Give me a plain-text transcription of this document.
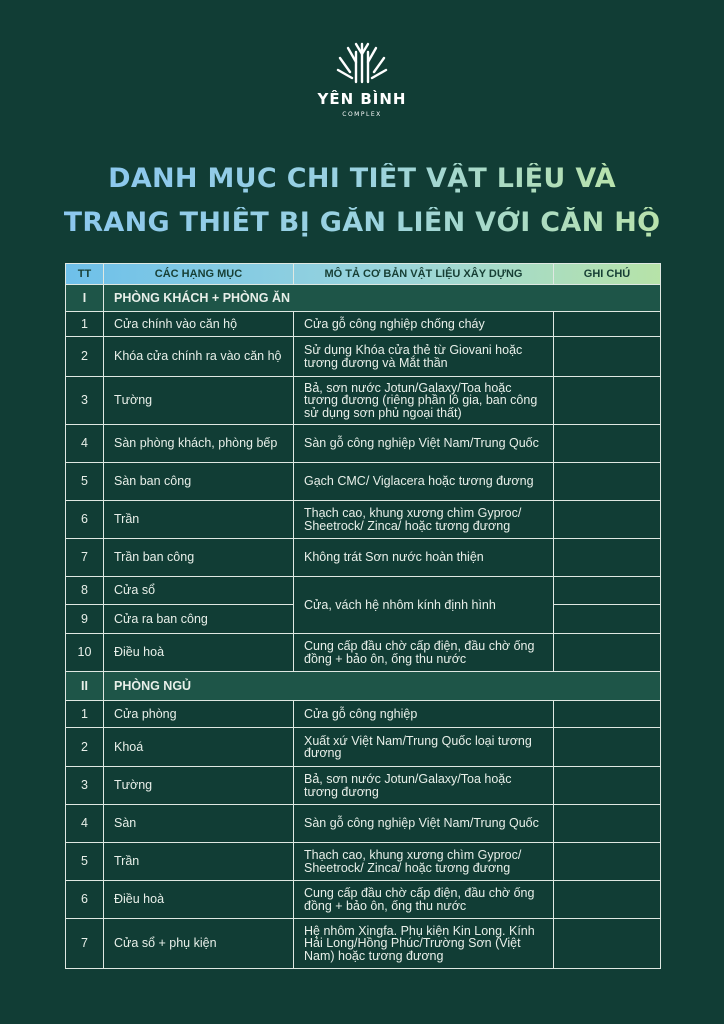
YÊN BÌNH
COMPLEX
DANH MỤC CHI TIẾT VẬT LIỆU VÀ
TRANG THIẾT BỊ GẮN LIỀN VỚI CĂN HỘ
TT	CÁC HẠNG MỤC	MÔ TẢ CƠ BẢN VẬT LIỆU XÂY DỰNG	GHI CHÚ
I	PHÒNG KHÁCH + PHÒNG ĂN		
1	Cửa chính vào căn hộ	Cửa gỗ công nghiệp chống cháy	
2	Khóa cửa chính ra vào căn hộ	Sử dụng Khóa cửa thẻ từ Giovani hoặc tương đương và Mắt thần	
3	Tường	Bả, sơn nước Jotun/Galaxy/Toa hoặc tương đương (riêng phần lô gia, ban công sử dụng sơn phủ ngoại thất)	
4	Sàn phòng khách, phòng bếp	Sàn gỗ công nghiệp Việt Nam/Trung Quốc	
5	Sàn ban công	Gạch CMC/ Viglacera hoặc tương đương	
6	Trần	Thạch cao, khung xương chìm Gyproc/ Sheetrock/ Zinca/ hoặc tương đương	
7	Trần ban công	Không trát Sơn nước hoàn thiện	
8	Cửa sổ	Cửa, vách hệ nhôm kính định hình	
9	Cửa ra ban công		
10	Điều hoà	Cung cấp đầu chờ cấp điện, đầu chờ ống đồng + bảo ôn, ống thu nước	
II	PHÒNG NGỦ		
1	Cửa phòng	Cửa gỗ công nghiệp	
2	Khoá	Xuất xứ Việt Nam/Trung Quốc loại tương đương	
3	Tường	Bả, sơn nước Jotun/Galaxy/Toa hoặc tương đương	
4	Sàn	Sàn gỗ công nghiệp Việt Nam/Trung Quốc	
5	Trần	Thạch cao, khung xương chìm Gyproc/ Sheetrock/ Zinca/ hoặc tương đương	
6	Điều hoà	Cung cấp đầu chờ cấp điện, đầu chờ ống đồng + bảo ôn, ống thu nước	
7	Cửa sổ + phụ kiện	Hệ nhôm Xingfa. Phụ kiện Kin Long. Kính Hải Long/Hồng Phúc/Trường Sơn (Việt Nam) hoặc tương đương	
